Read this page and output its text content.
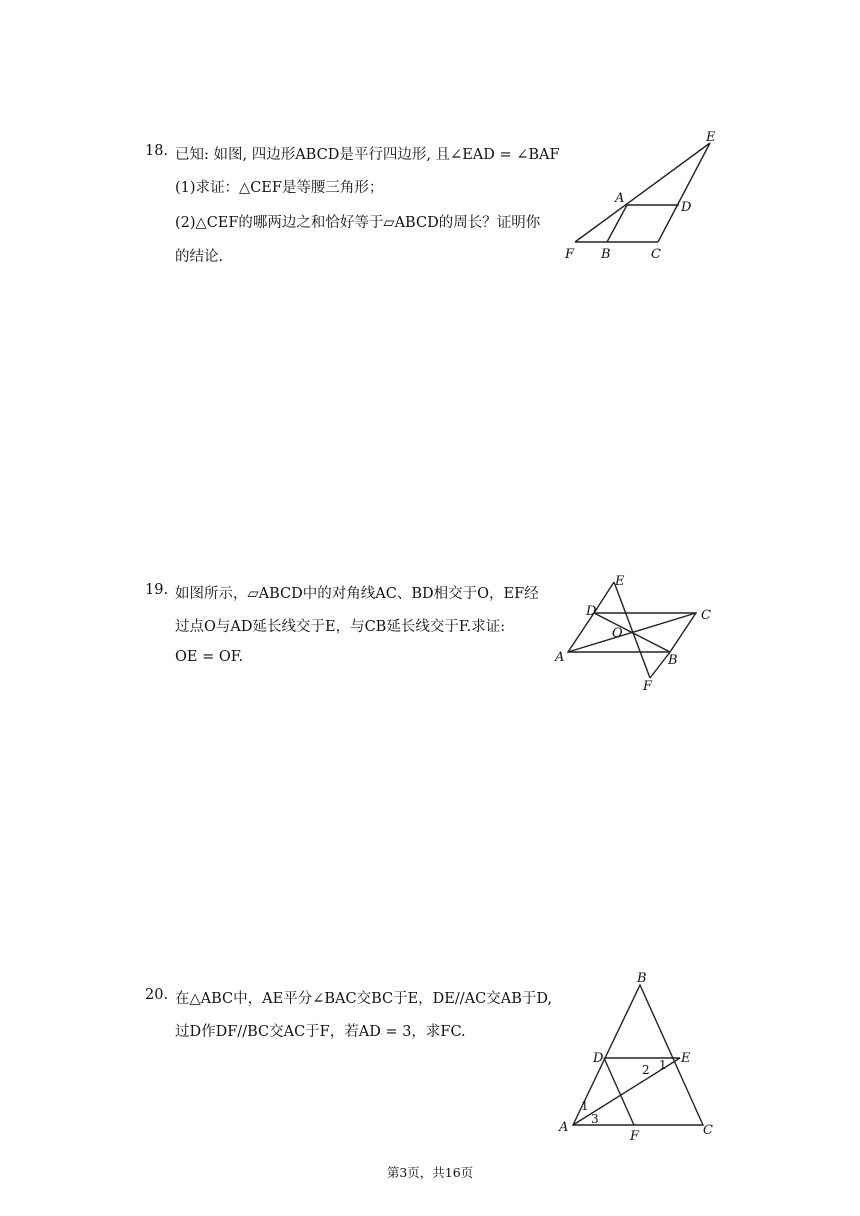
18. 已知: 如图, 四边形ABCD是平行四边形, 且∠EAD = ∠BAF
(1)求证：△CEF是等腰三角形；
(2)△CEF的哪两边之和恰好等于▱ABCD的周长？证明你
的结论.
E
A
D
F B	C
19. 如图所示，▱ABCD中的对角线AC、BD相交于O，EF经
过点O与AD延长线交于E，与CB延长线交于F.求证:
OE = OF.
E
D	C
O
A	B
F
20. 在△ABC中，AE平分∠BAC交BC于E，DE//AC交AB于D,
过D作DF//BC交AC于F，若AD = 3，求FC.
B
D	E
1
2
1
3
A
F	C
第3页，共16页
